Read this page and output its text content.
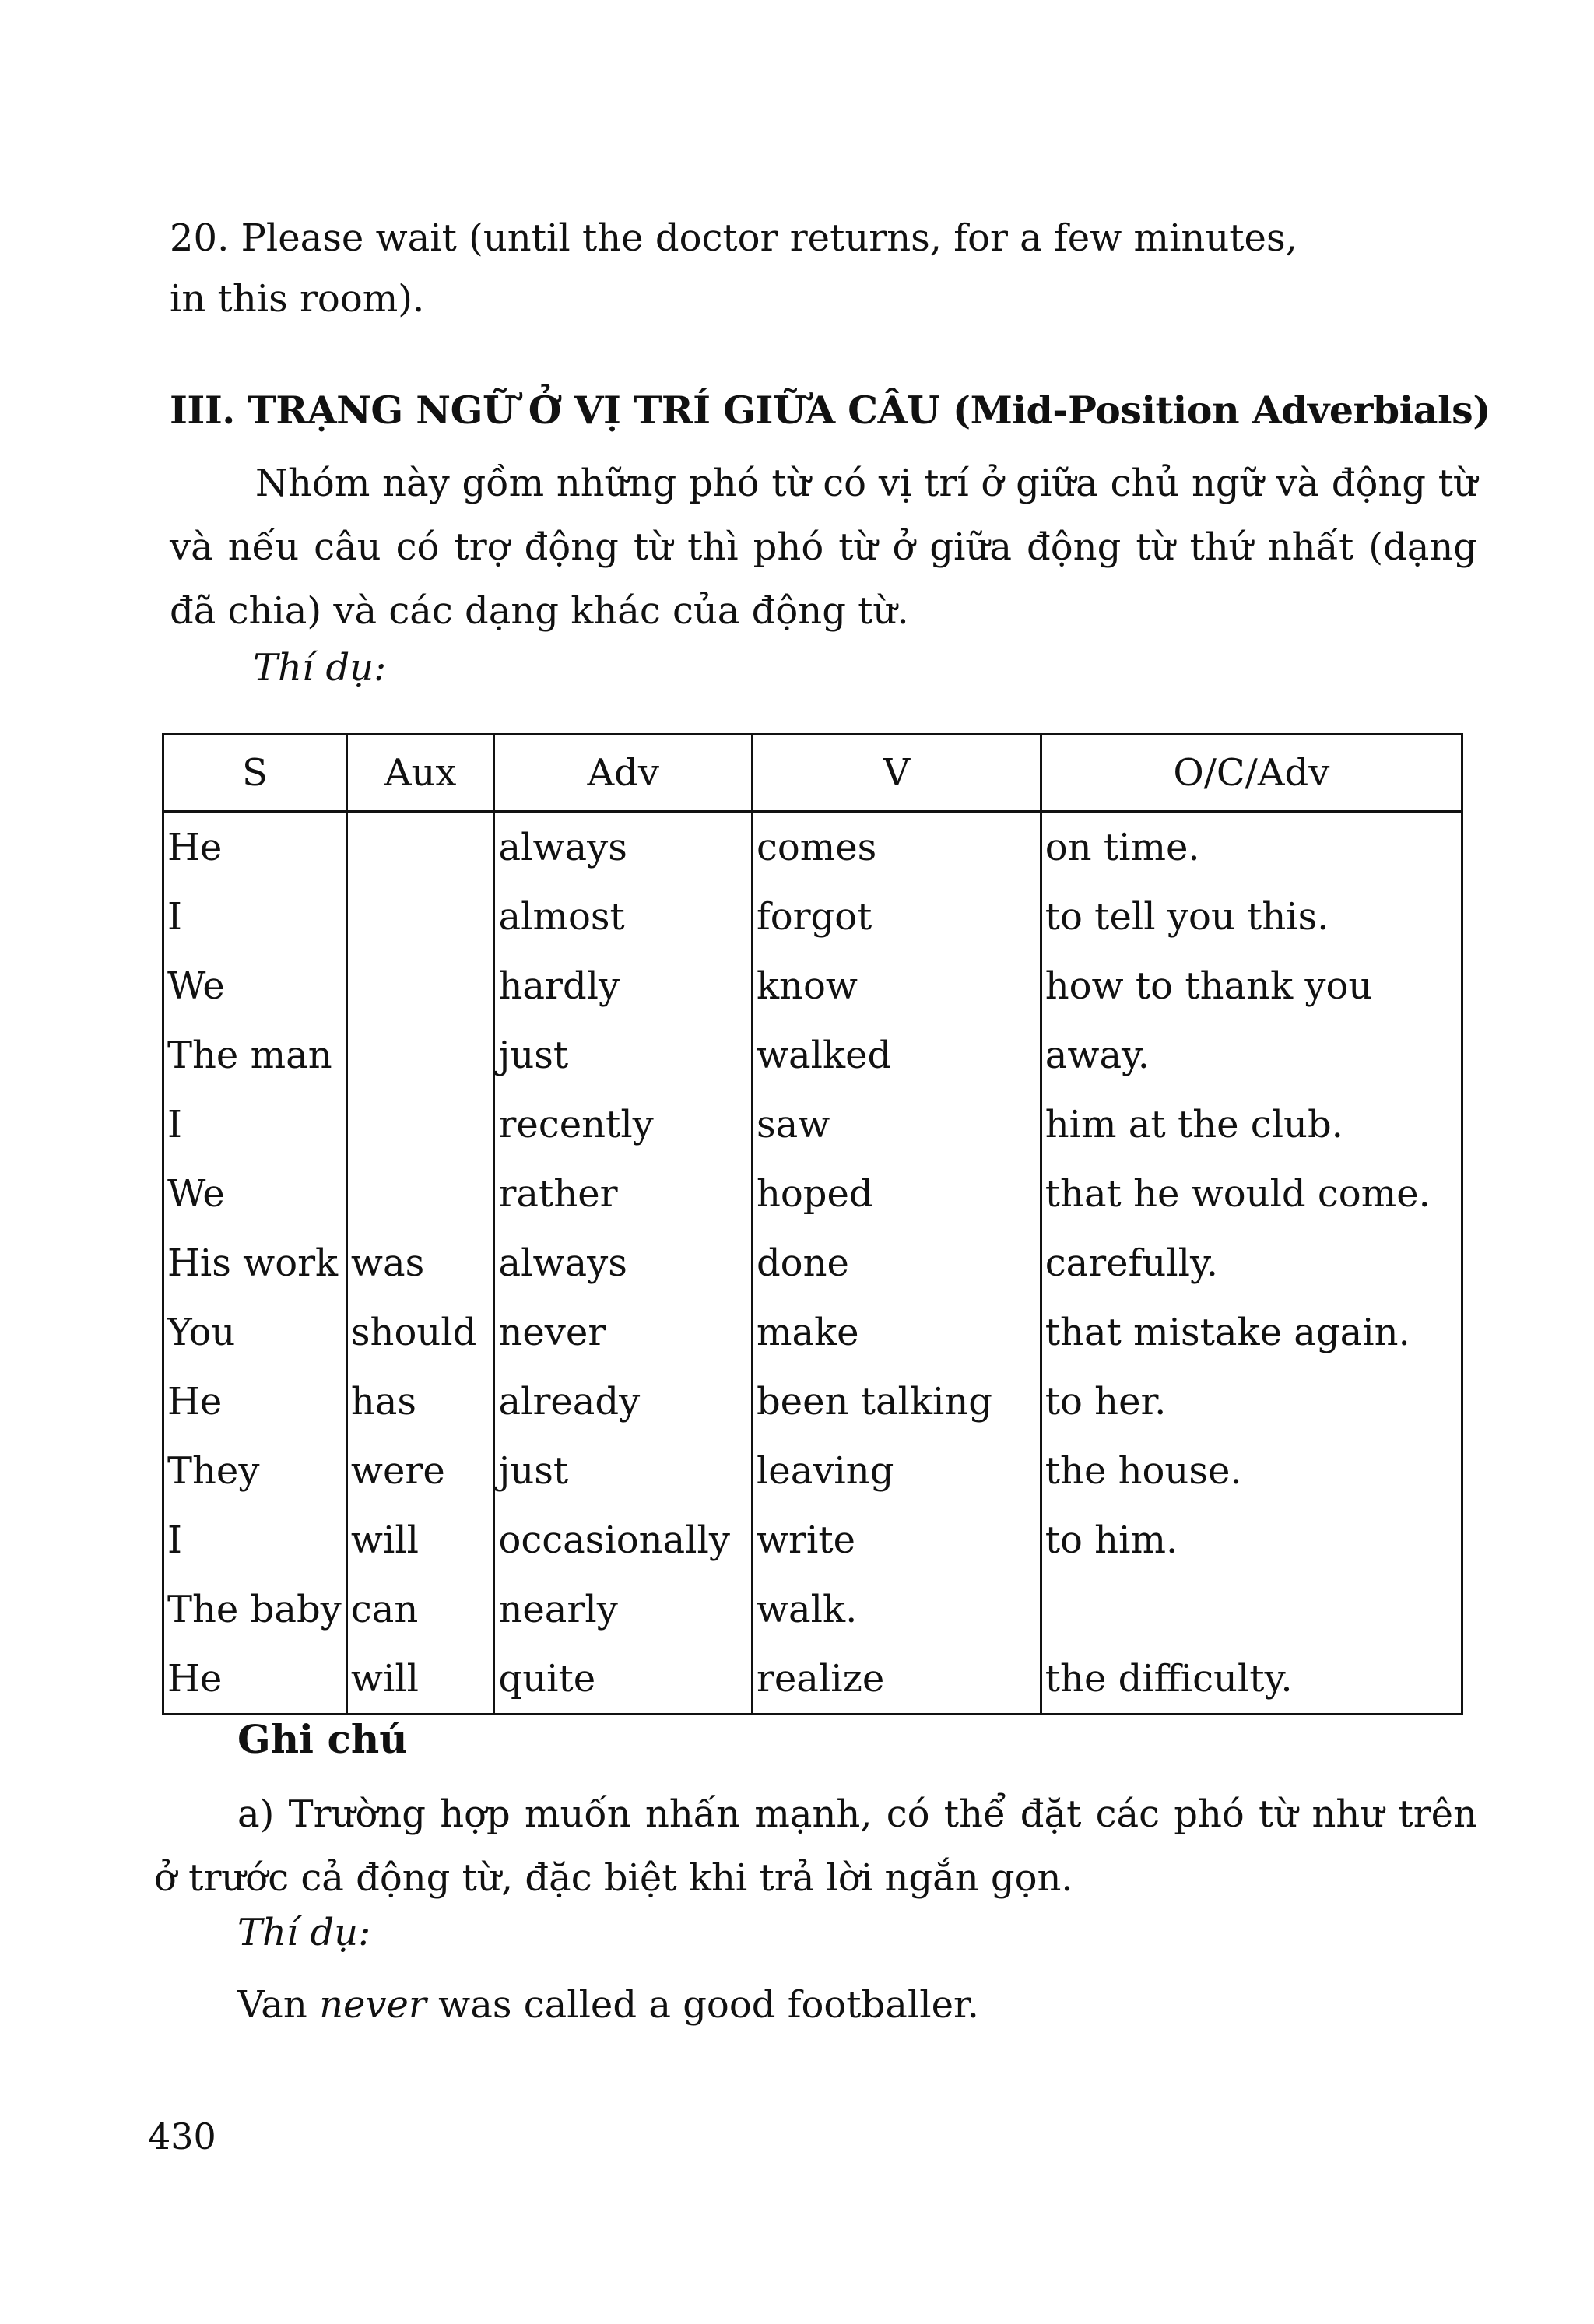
20. Please wait (until the doctor returns, for a few minutes,
in this room).
III. TRẠNG NGỮ Ở VỊ TRÍ GIỮA CÂU (Mid-Position Adverbials)
Nhóm này gồm những phó từ có vị trí ở giữa chủ ngữ và động từ và nếu câu có trợ động từ thì phó từ ở giữa động từ thứ nhất (dạng đã chia) và các dạng khác của động từ.
Thí dụ:
S	Aux	Adv	V	O/C/Adv
He		always	comes	on time.
I		almost	forgot	to tell you this.
We		hardly	know	how to thank you
The man		just	walked	away.
I		recently	saw	him at the club.
We		rather	hoped	that he would come.
His work	was	always	done	carefully.
You	should	never	make	that mistake again.
He	has	already	been talking	to her.
They	were	just	leaving	the house.
I	will	occasionally	write	to him.
The baby	can	nearly	walk.	
He	will	quite	realize	the difficulty.
Ghi chú
a) Trường hợp muốn nhấn mạnh, có thể đặt các phó từ như trên ở trước cả động từ, đặc biệt khi trả lời ngắn gọn.
Thí dụ:
Van never was called a good footballer.
430
